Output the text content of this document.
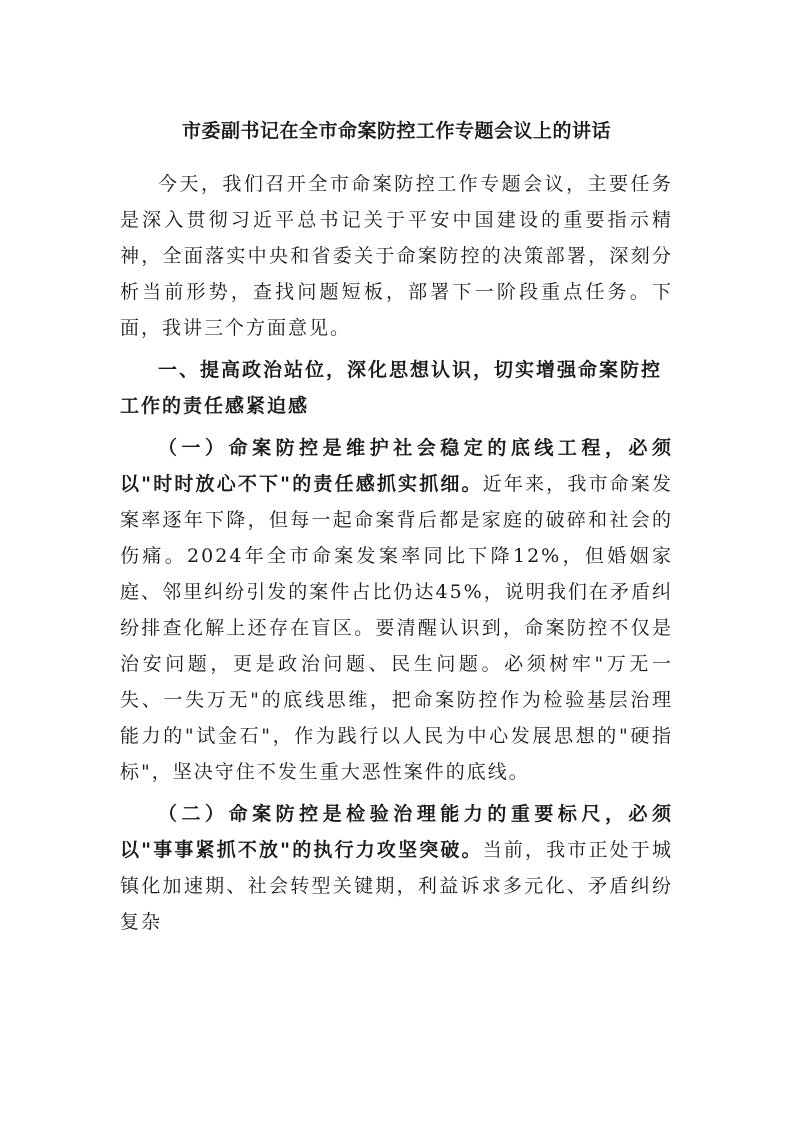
市委副书记在全市命案防控工作专题会议上的讲话

今天，我们召开全市命案防控工作专题会议，主要任务是深入贯彻习近平总书记关于平安中国建设的重要指示精神，全面落实中央和省委关于命案防控的决策部署，深刻分析当前形势，查找问题短板，部署下一阶段重点任务。下面，我讲三个方面意见。

一、提高政治站位，深化思想认识，切实增强命案防控工作的责任感紧迫感

（一）命案防控是维护社会稳定的底线工程，必须以"时时放心不下"的责任感抓实抓细。近年来，我市命案发案率逐年下降，但每一起命案背后都是家庭的破碎和社会的伤痛。2024年全市命案发案率同比下降12%，但婚姻家庭、邻里纠纷引发的案件占比仍达45%，说明我们在矛盾纠纷排查化解上还存在盲区。要清醒认识到，命案防控不仅是治安问题，更是政治问题、民生问题。必须树牢"万无一失、一失万无"的底线思维，把命案防控作为检验基层治理能力的"试金石"，作为践行以人民为中心发展思想的"硬指标"，坚决守住不发生重大恶性案件的底线。

（二）命案防控是检验治理能力的重要标尺，必须以"事事紧抓不放"的执行力攻坚突破。当前，我市正处于城镇化加速期、社会转型关键期，利益诉求多元化、矛盾纠纷复杂
